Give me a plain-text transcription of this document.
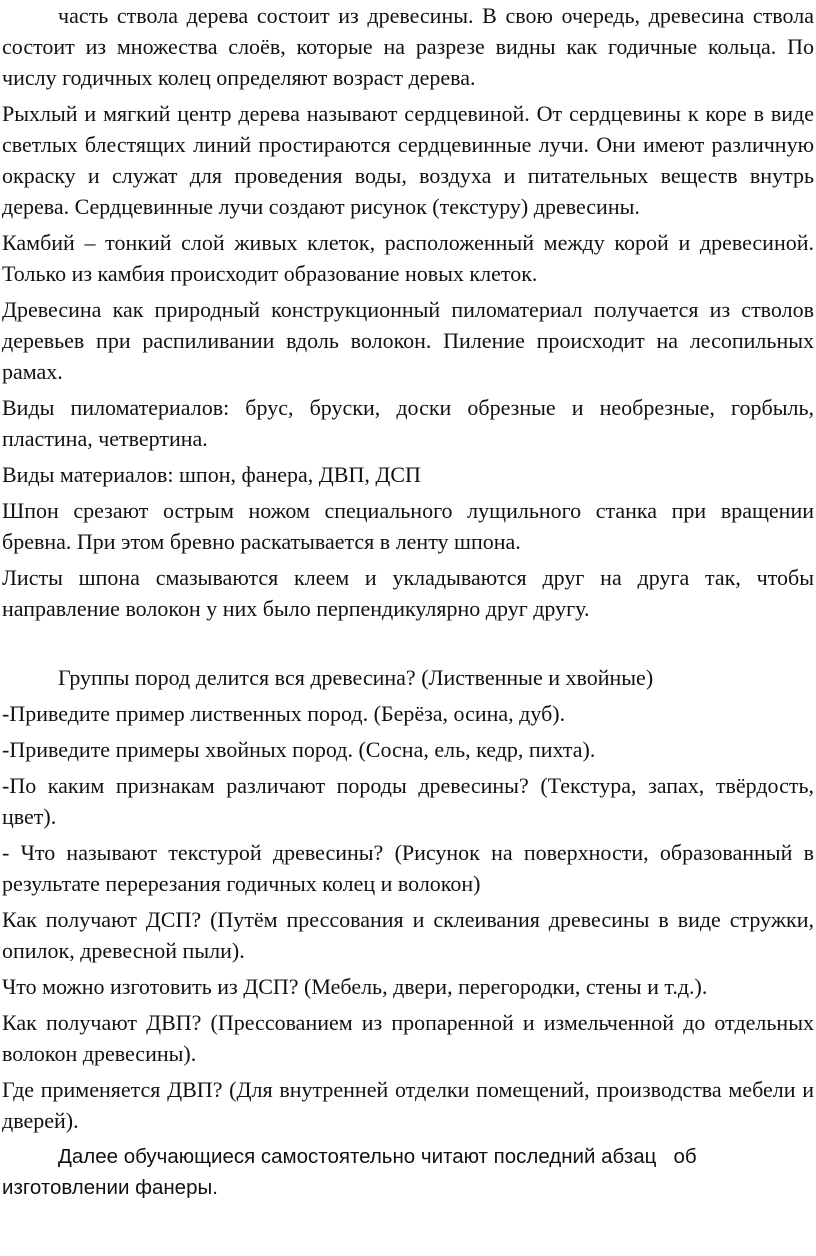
часть ствола дерева состоит из древесины. В свою очередь, древесина ствола состоит из множества слоёв, которые на разрезе видны как годичные кольца. По числу годичных колец определяют возраст дерева.

Рыхлый и мягкий центр дерева называют сердцевиной. От сердцевины к коре в виде светлых блестящих линий простираются сердцевинные лучи. Они имеют различную окраску и служат для проведения воды, воздуха и питательных веществ внутрь дерева. Сердцевинные лучи создают рисунок (текстуру) древесины.

Камбий – тонкий слой живых клеток, расположенный между корой и древесиной. Только из камбия происходит образование новых клеток.

Древесина как природный конструкционный пиломатериал получается из стволов деревьев при распиливании вдоль волокон. Пиление происходит на лесопильных рамах.

Виды пиломатериалов: брус, бруски, доски обрезные и необрезные, горбыль, пластина, четвертина.

Виды материалов: шпон, фанера, ДВП, ДСП

Шпон срезают острым ножом специального лущильного станка при вращении бревна. При этом бревно раскатывается в ленту шпона.

Листы шпона смазываются клеем и укладываются друг на друга так, чтобы направление волокон у них было перпендикулярно друг другу.

Группы пород делится вся древесина? (Лиственные и хвойные)

-Приведите пример лиственных пород. (Берёза, осина, дуб).

-Приведите примеры хвойных пород. (Сосна, ель, кедр, пихта).

-По каким признакам различают породы древесины? (Текстура, запах, твёрдость, цвет).

- Что называют текстурой древесины? (Рисунок на поверхности, образованный в результате перерезания годичных колец и волокон)

Как получают ДСП? (Путём прессования и склеивания древесины в виде стружки, опилок, древесной пыли).

Что можно изготовить из ДСП? (Мебель, двери, перегородки, стены и т.д.).

Как получают ДВП? (Прессованием из пропаренной и измельченной до отдельных волокон древесины).

Где применяется ДВП? (Для внутренней отделки помещений, производства мебели и дверей).

Далее обучающиеся самостоятельно читают последний абзац   об изготовлении фанеры.
